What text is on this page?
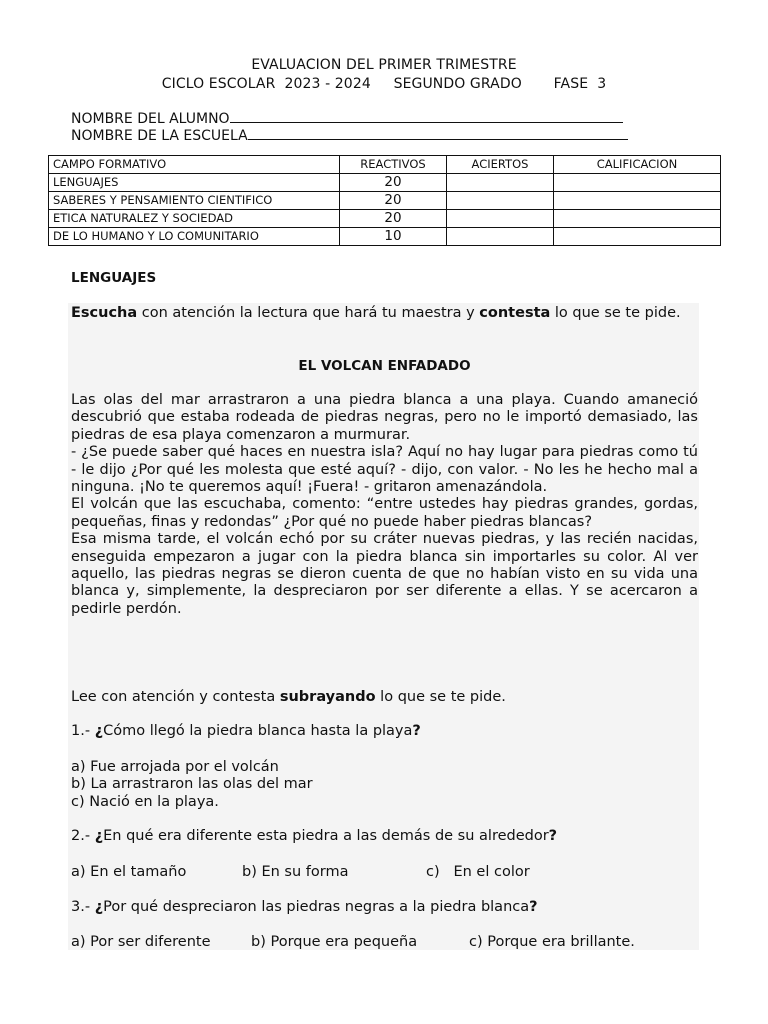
EVALUACION DEL PRIMER TRIMESTRE
CICLO ESCOLAR  2023 - 2024     SEGUNDO GRADO       FASE  3
NOMBRE DEL ALUMNO
NOMBRE DE LA ESCUELA
CAMPO FORMATIVO	REACTIVOS	ACIERTOS	CALIFICACION
LENGUAJES	20		
SABERES Y PENSAMIENTO CIENTIFICO	20		
ETICA NATURALEZ Y SOCIEDAD	20		
DE LO HUMANO Y LO COMUNITARIO	10		
LENGUAJES
Escucha con atención la lectura que hará tu maestra y contesta lo que se te pide.
EL VOLCAN ENFADADO

Las olas del mar arrastraron a una piedra blanca a una playa. Cuando amaneció descubrió que estaba rodeada de piedras negras, pero no le importó demasiado, las piedras de esa playa comenzaron a murmurar.

- ¿Se puede saber qué haces en nuestra isla? Aquí no hay lugar para piedras como tú - le dijo ¿Por qué les molesta que esté aquí? - dijo, con valor. - No les he hecho mal a ninguna. ¡No te queremos aquí! ¡Fuera! - gritaron amenazándola.

El volcán que las escuchaba, comento: “entre ustedes hay piedras grandes, gordas, pequeñas, finas y redondas” ¿Por qué no puede haber piedras blancas?

Esa misma tarde, el volcán echó por su cráter nuevas piedras, y las recién nacidas, enseguida empezaron a jugar con la piedra blanca sin importarles su color. Al ver aquello, las piedras negras se dieron cuenta de que no habían visto en su vida una blanca y, simplemente, la despreciaron por ser diferente a ellas. Y se acercaron a pedirle perdón.

Lee con atención y contesta subrayando lo que se te pide.
1.- ¿Cómo llegó la piedra blanca hasta la playa?
a) Fue arrojada por el volcán
b) La arrastraron las olas del mar
c) Nació en la playa.
2.- ¿En qué era diferente esta piedra a las demás de su alrededor?
a) En el tamaño	b) En su forma	c)   En el color
3.- ¿Por qué despreciaron las piedras negras a la piedra blanca?
a) Por ser diferente	b) Porque era pequeña	c) Porque era brillante.
